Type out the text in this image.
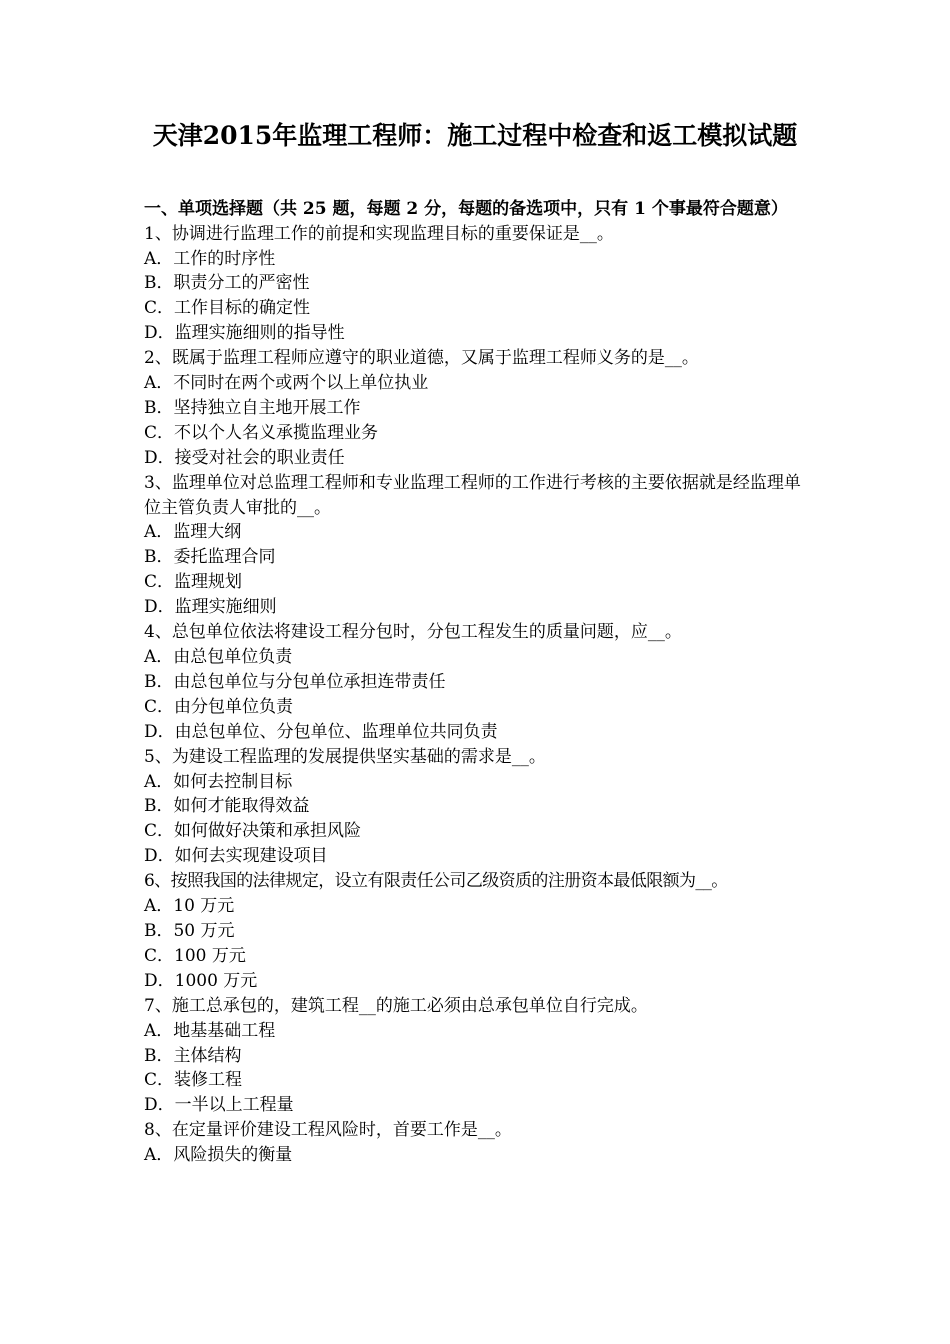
天津2015年监理工程师：施工过程中检查和返工模拟试题
一、单项选择题（共 25 题，每题 2 分，每题的备选项中，只有 1 个事最符合题意）
1、协调进行监理工作的前提和实现监理目标的重要保证是__。
A．工作的时序性
B．职责分工的严密性
C．工作目标的确定性
D．监理实施细则的指导性
2、既属于监理工程师应遵守的职业道德，又属于监理工程师义务的是__。
A．不同时在两个或两个以上单位执业
B．坚持独立自主地开展工作
C．不以个人名义承揽监理业务
D．接受对社会的职业责任
3、监理单位对总监理工程师和专业监理工程师的工作进行考核的主要依据就是经监理单位主管负责人审批的__。
A．监理大纲
B．委托监理合同
C．监理规划
D．监理实施细则
4、总包单位依法将建设工程分包时，分包工程发生的质量问题，应__。
A．由总包单位负责
B．由总包单位与分包单位承担连带责任
C．由分包单位负责
D．由总包单位、分包单位、监理单位共同负责
5、为建设工程监理的发展提供坚实基础的需求是__。
A．如何去控制目标
B．如何才能取得效益
C．如何做好决策和承担风险
D．如何去实现建设项目
6、按照我国的法律规定，设立有限责任公司乙级资质的注册资本最低限额为__。
A．10 万元
B．50 万元
C．100 万元
D．1000 万元
7、施工总承包的，建筑工程__的施工必须由总承包单位自行完成。
A．地基基础工程
B．主体结构
C．装修工程
D．一半以上工程量
8、在定量评价建设工程风险时，首要工作是__。
A．风险损失的衡量
